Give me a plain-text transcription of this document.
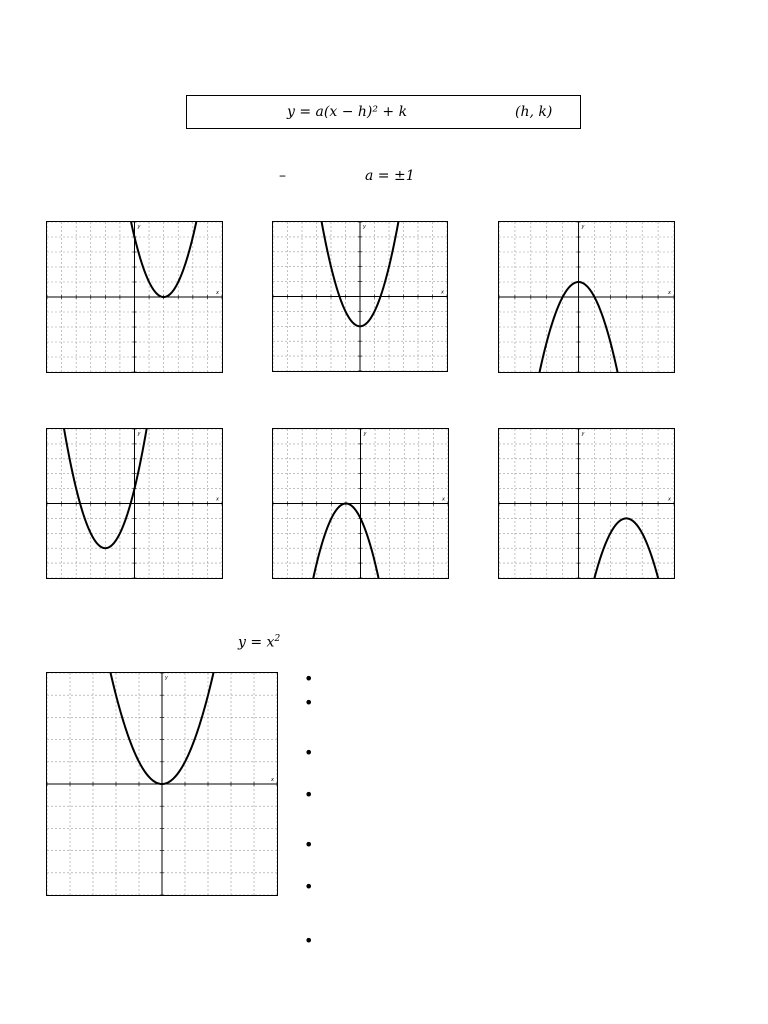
y = a(x − h)² + k	(h, k)
–	a = ±1
x
y
x
y
x
y
x
y
x
y
x
y
$y = x^2$
x
y	•
•
•
•
•
•
•
